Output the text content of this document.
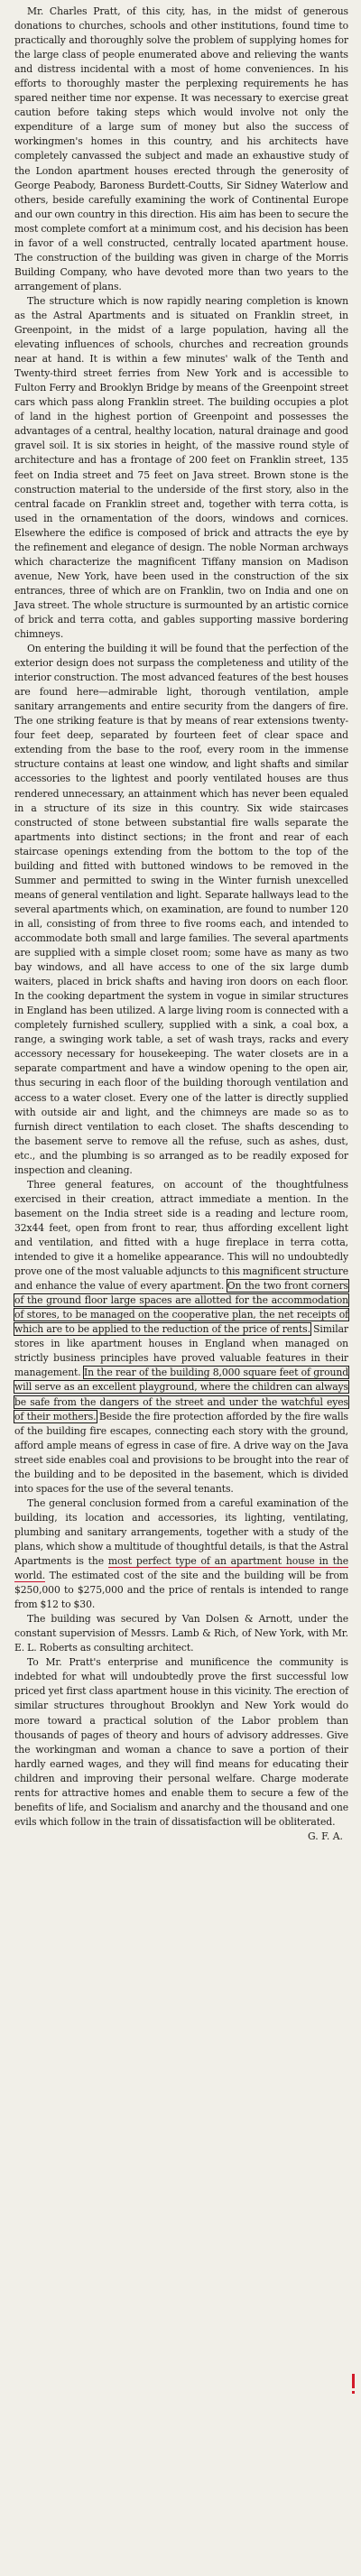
Mr. Charles Pratt, of this city, has, in the midst of generous donations to churches, schools and other institutions, found time to practically and thoroughly solve the problem of supplying homes for the large class of people enumerated above and relieving the wants and distress incidental with a most of home conveniences. In his efforts to thoroughly master the perplexing requirements he has spared neither time nor expense. It was necessary to exercise great caution before taking steps which would involve not only the expenditure of a large sum of money but also the success of workingmen's homes in this country, and his architects have completely canvassed the subject and made an exhaustive study of the London apartment houses erected through the generosity of George Peabody, Baroness Burdett-Coutts, Sir Sidney Waterlow and others, beside carefully examining the work of Continental Europe and our own country in this direction. His aim has been to secure the most complete comfort at a minimum cost, and his decision has been in favor of a well constructed, centrally located apartment house. The construction of the building was given in charge of the Morris Building Company, who have devoted more than two years to the arrangement of plans.

The structure which is now rapidly nearing completion is known as the Astral Apartments and is situated on Franklin street, in Greenpoint, in the midst of a large population, having all the elevating influences of schools, churches and recreation grounds near at hand. It is within a few minutes' walk of the Tenth and Twenty-third street ferries from New York and is accessible to Fulton Ferry and Brooklyn Bridge by means of the Greenpoint street cars which pass along Franklin street. The building occupies a plot of land in the highest portion of Greenpoint and possesses the advantages of a central, healthy location, natural drainage and good gravel soil. It is six stories in height, of the massive round style of architecture and has a frontage of 200 feet on Franklin street, 135 feet on India street and 75 feet on Java street. Brown stone is the construction material to the underside of the first story, also in the central facade on Franklin street and, together with terra cotta, is used in the ornamentation of the doors, windows and cornices. Elsewhere the edifice is composed of brick and attracts the eye by the refinement and elegance of design. The noble Norman archways which characterize the magnificent Tiffany mansion on Madison avenue, New York, have been used in the construction of the six entrances, three of which are on Franklin, two on India and one on Java street. The whole structure is surmounted by an artistic cornice of brick and terra cotta, and gables supporting massive bordering chimneys.

On entering the building it will be found that the perfection of the exterior design does not surpass the completeness and utility of the interior construction. The most advanced features of the best houses are found here—admirable light, thorough ventilation, ample sanitary arrangements and entire security from the dangers of fire. The one striking feature is that by means of rear extensions twenty-four feet deep, separated by fourteen feet of clear space and extending from the base to the roof, every room in the immense structure contains at least one window, and light shafts and similar accessories to the lightest and poorly ventilated houses are thus rendered unnecessary, an attainment which has never been equaled in a structure of its size in this country. Six wide staircases constructed of stone between substantial fire walls separate the apartments into distinct sections; in the front and rear of each staircase openings extending from the bottom to the top of the building and fitted with buttoned windows to be removed in the Summer and permitted to swing in the Winter furnish unexcelled means of general ventilation and light. Separate hallways lead to the several apartments which, on examination, are found to number 120 in all, consisting of from three to five rooms each, and intended to accommodate both small and large families. The several apartments are supplied with a simple closet room; some have as many as two bay windows, and all have access to one of the six large dumb waiters, placed in brick shafts and having iron doors on each floor. In the cooking department the system in vogue in similar structures in England has been utilized. A large living room is connected with a completely furnished scullery, supplied with a sink, a coal box, a range, a swinging work table, a set of wash trays, racks and every accessory necessary for housekeeping. The water closets are in a separate compartment and have a window opening to the open air, thus securing in each floor of the building thorough ventilation and access to a water closet. Every one of the latter is directly supplied with outside air and light, and the chimneys are made so as to furnish direct ventilation to each closet. The shafts descending to the basement serve to remove all the refuse, such as ashes, dust, etc., and the plumbing is so arranged as to be readily exposed for inspection and cleaning.

Three general features, on account of the thoughtfulness exercised in their creation, attract immediate a mention. In the basement on the India street side is a reading and lecture room, 32x44 feet, open from front to rear, thus affording excellent light and ventilation, and fitted with a huge fireplace in terra cotta, intended to give it a homelike appearance. This will no undoubtedly prove one of the most valuable adjuncts to this magnificent structure and enhance the value of every apartment. On the two front corners of the ground floor large spaces are allotted for the accommodation of stores, to be managed on the cooperative plan, the net receipts of which are to be applied to the reduction of the price of rents. Similar stores in like apartment houses in England when managed on strictly business principles have proved valuable features in their management. In the rear of the building 8,000 square feet of ground will serve as an excellent playground, where the children can always be safe from the dangers of the street and under the watchful eyes of their mothers. Beside the fire protection afforded by the fire walls of the building fire escapes, connecting each story with the ground, afford ample means of egress in case of fire. A drive way on the Java street side enables coal and provisions to be brought into the rear of the building and to be deposited in the basement, which is divided into spaces for the use of the several tenants.

The general conclusion formed from a careful examination of the building, its location and accessories, its lighting, ventilating, plumbing and sanitary arrangements, together with a study of the plans, which show a multitude of thoughtful details, is that the Astral Apartments is the most perfect type of an apartment house in the world. The estimated cost of the site and the building will be from $250,000 to $275,000 and the price of rentals is intended to range from $12 to $30.

The building was secured by Van Dolsen & Arnott, under the constant supervision of Messrs. Lamb & Rich, of New York, with Mr. E. L. Roberts as consulting architect.

To Mr. Pratt's enterprise and munificence the community is indebted for what will undoubtedly prove the first successful low priced yet first class apartment house in this vicinity. The erection of similar structures throughout Brooklyn and New York would do more toward a practical solution of the Labor problem than thousands of pages of theory and hours of advisory addresses. Give the workingman and woman a chance to save a portion of their hardly earned wages, and they will find means for educating their children and improving their personal welfare. Charge moderate rents for attractive homes and enable them to secure a few of the benefits of life, and Socialism and anarchy and the thousand and one evils which follow in the train of dissatisfaction will be obliterated.

G. F. A.
